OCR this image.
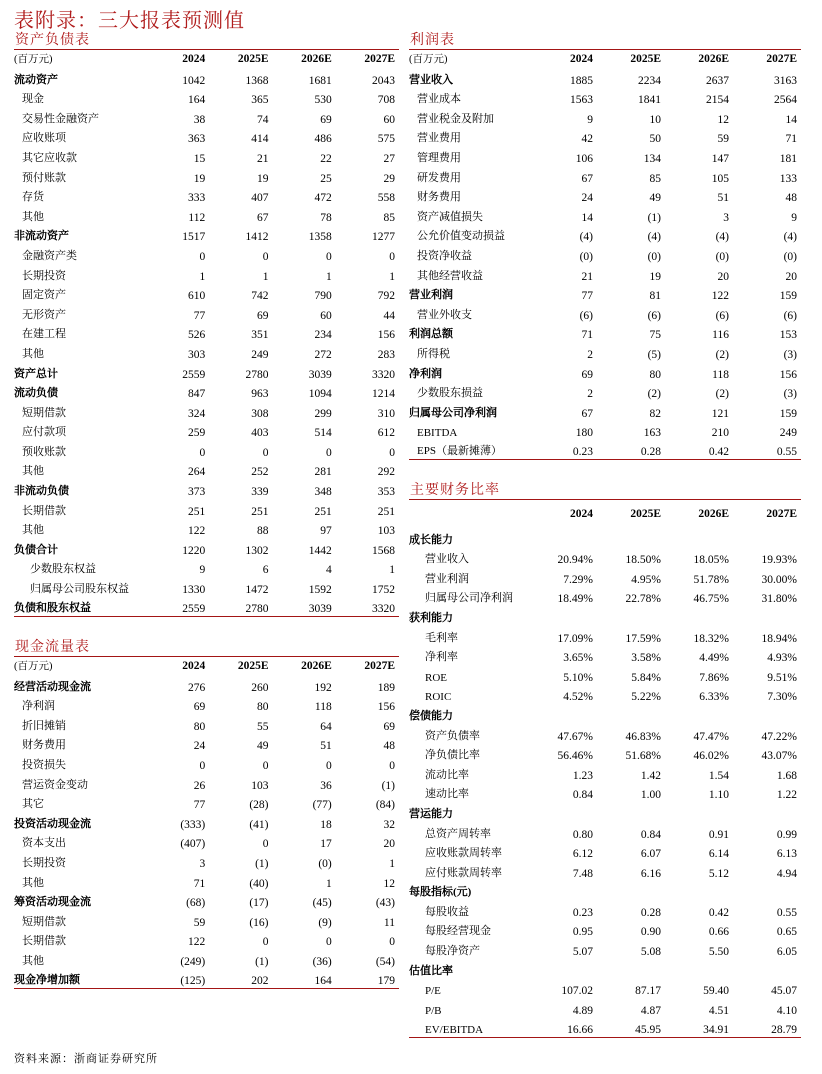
表附录：三大报表预测值
资产负债表
(百万元)	2024	2025E	2026E	2027E
流动资产	1042	1368	1681	2043
现金	164	365	530	708
交易性金融资产	38	74	69	60
应收账项	363	414	486	575
其它应收款	15	21	22	27
预付账款	19	19	25	29
存货	333	407	472	558
其他	112	67	78	85
非流动资产	1517	1412	1358	1277
金融资产类	0	0	0	0
长期投资	1	1	1	1
固定资产	610	742	790	792
无形资产	77	69	60	44
在建工程	526	351	234	156
其他	303	249	272	283
资产总计	2559	2780	3039	3320
流动负债	847	963	1094	1214
短期借款	324	308	299	310
应付款项	259	403	514	612
预收账款	0	0	0	0
其他	264	252	281	292
非流动负债	373	339	348	353
长期借款	251	251	251	251
其他	122	88	97	103
负债合计	1220	1302	1442	1568
少数股东权益	9	6	4	1
归属母公司股东权益	1330	1472	1592	1752
负债和股东权益	2559	2780	3039	3320
现金流量表
(百万元)	2024	2025E	2026E	2027E
经营活动现金流	276	260	192	189
净利润	69	80	118	156
折旧摊销	80	55	64	69
财务费用	24	49	51	48
投资损失	0	0	0	0
营运资金变动	26	103	36	(1)
其它	77	(28)	(77)	(84)
投资活动现金流	(333)	(41)	18	32
资本支出	(407)	0	17	20
长期投资	3	(1)	(0)	1
其他	71	(40)	1	12
筹资活动现金流	(68)	(17)	(45)	(43)
短期借款	59	(16)	(9)	11
长期借款	122	0	0	0
其他	(249)	(1)	(36)	(54)
现金净增加额	(125)	202	164	179
利润表
(百万元)	2024	2025E	2026E	2027E
营业收入	1885	2234	2637	3163
营业成本	1563	1841	2154	2564
营业税金及附加	9	10	12	14
营业费用	42	50	59	71
管理费用	106	134	147	181
研发费用	67	85	105	133
财务费用	24	49	51	48
资产减值损失	14	(1)	3	9
公允价值变动损益	(4)	(4)	(4)	(4)
投资净收益	(0)	(0)	(0)	(0)
其他经营收益	21	19	20	20
营业利润	77	81	122	159
营业外收支	(6)	(6)	(6)	(6)
利润总额	71	75	116	153
所得税	2	(5)	(2)	(3)
净利润	69	80	118	156
少数股东损益	2	(2)	(2)	(3)
归属母公司净利润	67	82	121	159
EBITDA	180	163	210	249
EPS（最新摊薄）	0.23	0.28	0.42	0.55
主要财务比率
	2024	2025E	2026E	2027E
成长能力				
营业收入	20.94%	18.50%	18.05%	19.93%
营业利润	7.29%	4.95%	51.78%	30.00%
归属母公司净利润	18.49%	22.78%	46.75%	31.80%
获利能力				
毛利率	17.09%	17.59%	18.32%	18.94%
净利率	3.65%	3.58%	4.49%	4.93%
ROE	5.10%	5.84%	7.86%	9.51%
ROIC	4.52%	5.22%	6.33%	7.30%
偿债能力				
资产负债率	47.67%	46.83%	47.47%	47.22%
净负债比率	56.46%	51.68%	46.02%	43.07%
流动比率	1.23	1.42	1.54	1.68
速动比率	0.84	1.00	1.10	1.22
营运能力				
总资产周转率	0.80	0.84	0.91	0.99
应收账款周转率	6.12	6.07	6.14	6.13
应付账款周转率	7.48	6.16	5.12	4.94
每股指标(元)				
每股收益	0.23	0.28	0.42	0.55
每股经营现金	0.95	0.90	0.66	0.65
每股净资产	5.07	5.08	5.50	6.05
估值比率				
P/E	107.02	87.17	59.40	45.07
P/B	4.89	4.87	4.51	4.10
EV/EBITDA	16.66	45.95	34.91	28.79
资料来源：浙商证券研究所
